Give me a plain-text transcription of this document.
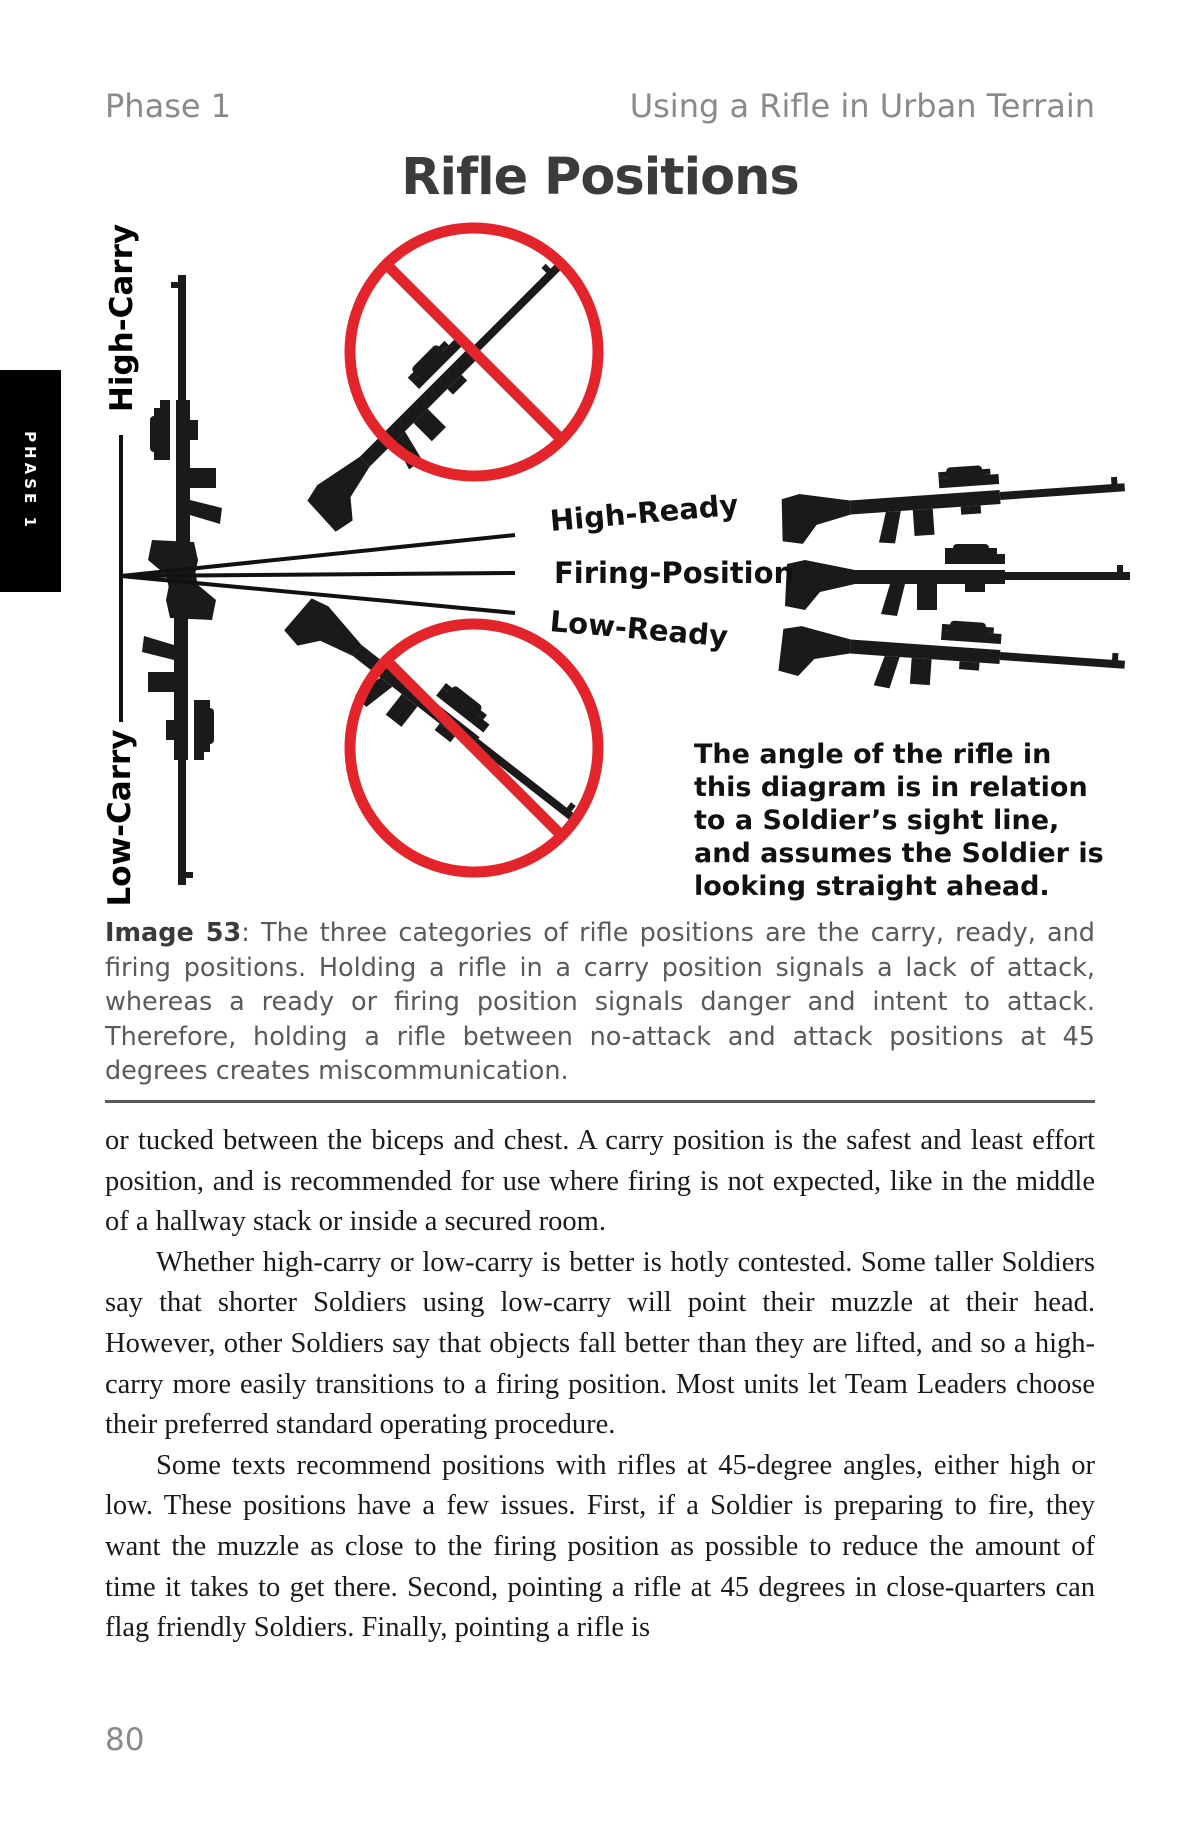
PHASE 1
Phase 1	Using a Rifle in Urban Terrain
Rifle Positions
High-Carry
Low-Carry
High-Ready
Firing-Position
Low-Ready
The angle of the rifle in this diagram is in relation to a Soldier’s sight line, and assumes the Soldier is looking straight ahead.
Image 53: The three categories of rifle positions are the carry, ready, and firing positions. Holding a rifle in a carry position signals a lack of attack, whereas a ready or firing position signals danger and intent to attack. Therefore, holding a rifle between no-attack and attack positions at 45 degrees creates miscommunication.

or tucked between the biceps and chest. A carry position is the safest and least effort position, and is recommended for use where firing is not expected, like in the middle of a hallway stack or inside a secured room.

Whether high-carry or low-carry is better is hotly contested. Some taller Soldiers say that shorter Soldiers using low-carry will point their muzzle at their head. However, other Soldiers say that objects fall better than they are lifted, and so a high-carry more easily transitions to a firing position. Most units let Team Leaders choose their preferred standard operating procedure.

Some texts recommend positions with rifles at 45-degree angles, either high or low. These positions have a few issues. First, if a Soldier is preparing to fire, they want the muzzle as close to the firing position as possible to reduce the amount of time it takes to get there. Second, pointing a rifle at 45 degrees in close-quarters can flag friendly Soldiers. Finally, pointing a rifle is

80
